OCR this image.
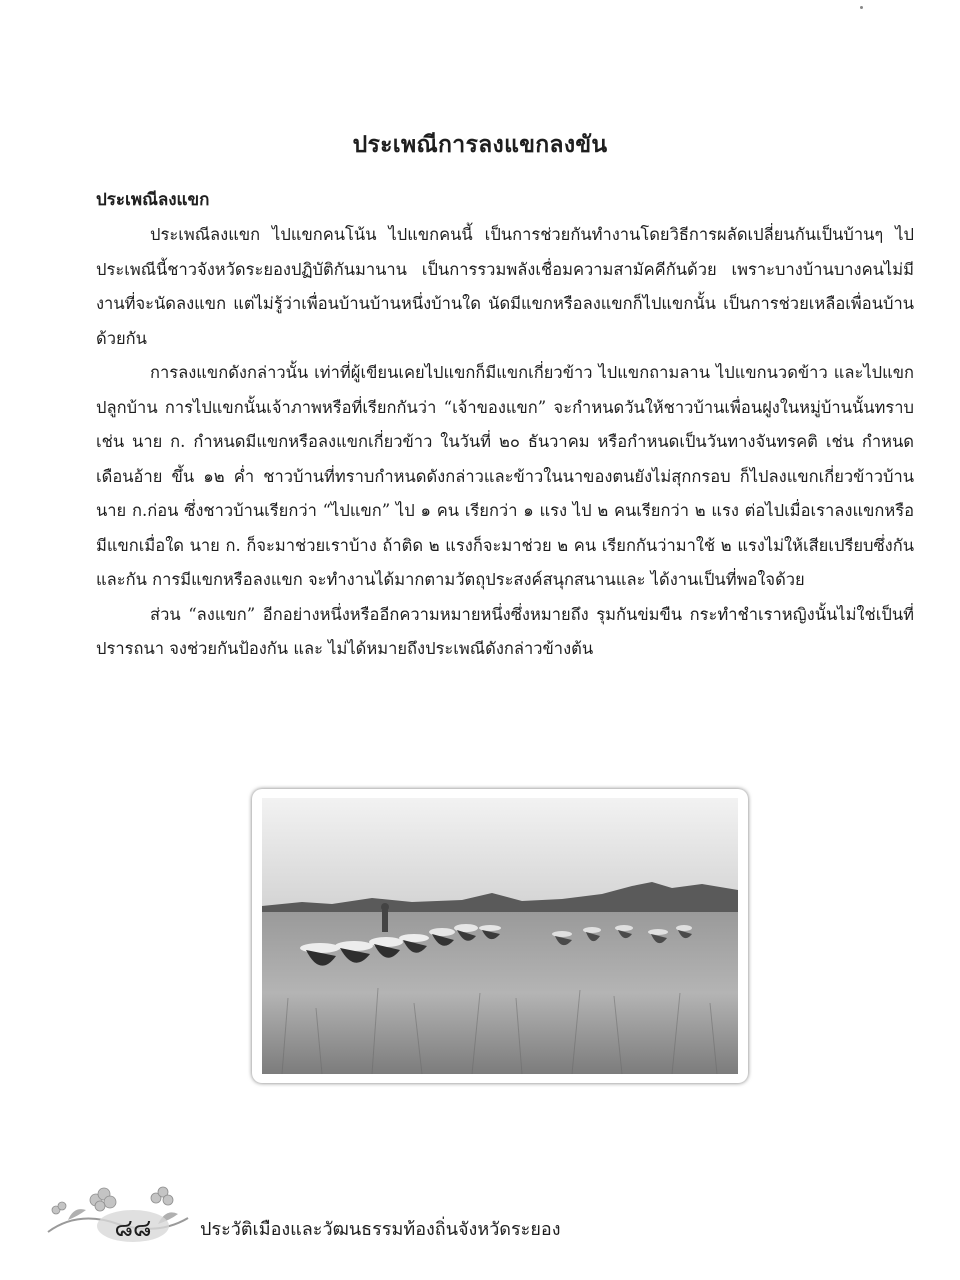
ประเพณีการลงแขกลงขัน
ประเพณีลงแขก

ประเพณีลงแขก ไปแขกคนโน้น ไปแขกคนนี้ เป็นการช่วยกันทำงานโดยวิธีการผลัดเปลี่ยนกันเป็นบ้านๆ ไป ประเพณีนี้ชาวจังหวัดระยองปฏิบัติกันมานาน เป็นการรวมพลังเชื่อมความสามัคคีกันด้วย เพราะบางบ้านบางคนไม่มีงานที่จะนัดลงแขก แต่ไม่รู้ว่าเพื่อนบ้านบ้านหนึ่งบ้านใด นัดมีแขกหรือลงแขกก็ไปแขกนั้น เป็นการช่วยเหลือเพื่อนบ้านด้วยกัน

การลงแขกดังกล่าวนั้น เท่าที่ผู้เขียนเคยไปแขกก็มีแขกเกี่ยวข้าว ไปแขกถามลาน ไปแขกนวดข้าว และไปแขกปลูกบ้าน การไปแขกนั้นเจ้าภาพหรือที่เรียกกันว่า “เจ้าของแขก” จะกำหนดวันให้ชาวบ้านเพื่อนฝูงในหมู่บ้านนั้นทราบเช่น นาย ก. กำหนดมีแขกหรือลงแขกเกี่ยวข้าว ในวันที่ ๒๐ ธันวาคม หรือกำหนดเป็นวันทางจันทรคติ เช่น กำหนดเดือนอ้าย ขึ้น ๑๒ ค่ำ ชาวบ้านที่ทราบกำหนดดังกล่าวและข้าวในนาของตนยังไม่สุกกรอบ ก็ไปลงแขกเกี่ยวข้าวบ้าน นาย ก.ก่อน ซึ่งชาวบ้านเรียกว่า “ไปแขก” ไป ๑ คน เรียกว่า ๑ แรง ไป ๒ คนเรียกว่า ๒ แรง ต่อไปเมื่อเราลงแขกหรือมีแขกเมื่อใด นาย ก. ก็จะมาช่วยเราบ้าง ถ้าติด ๒ แรงก็จะมาช่วย ๒ คน เรียกกันว่ามาใช้ ๒ แรงไม่ให้เสียเปรียบซึ่งกันและกัน การมีแขกหรือลงแขก จะทำงานได้มากตามวัตถุประสงค์สนุกสนานและ ได้งานเป็นที่พอใจด้วย

ส่วน “ลงแขก” อีกอย่างหนึ่งหรืออีกความหมายหนึ่งซึ่งหมายถึง รุมกันข่มขืน กระทำชำเราหญิงนั้นไม่ใช่เป็นที่ปรารถนา จงช่วยกันป้องกัน และ ไม่ได้หมายถึงประเพณีดังกล่าวข้างต้น

๘๘	ประวัติเมืองและวัฒนธรรมท้องถิ่นจังหวัดระยอง
